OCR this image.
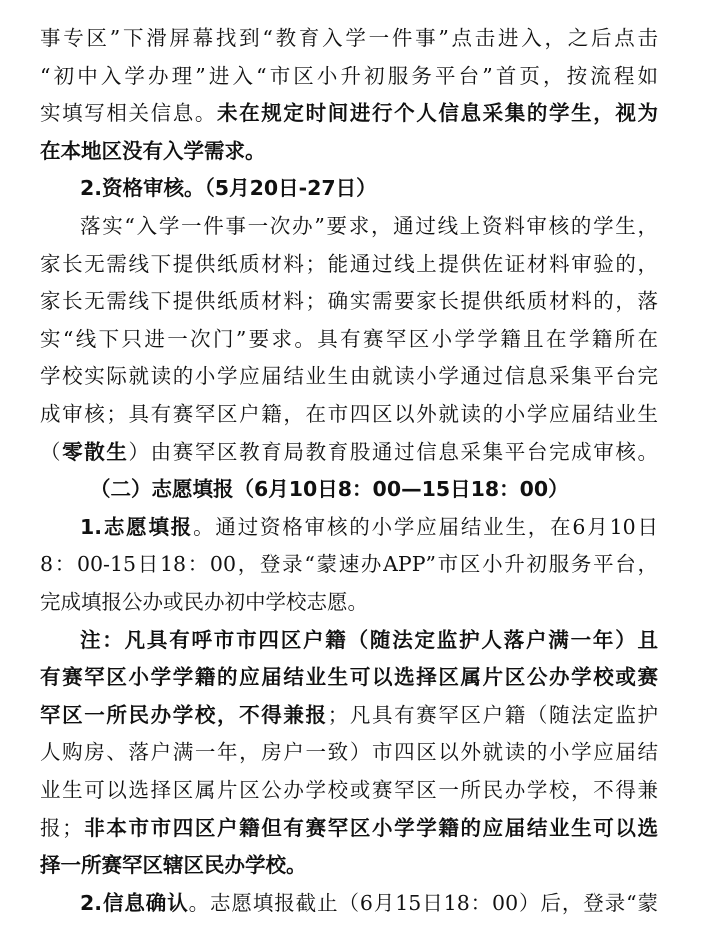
事专区”下滑屏幕找到“教育入学一件事”点击进入，之后点击
“初中入学办理”进入“市区小升初服务平台”首页，按流程如
实填写相关信息。未在规定时间进行个人信息采集的学生，视为
在本地区没有入学需求。
2.资格审核。（5月20日-27日）
落实“入学一件事一次办”要求，通过线上资料审核的学生，
家长无需线下提供纸质材料；能通过线上提供佐证材料审验的，
家长无需线下提供纸质材料；确实需要家长提供纸质材料的，落
实“线下只进一次门”要求。具有赛罕区小学学籍且在学籍所在
学校实际就读的小学应届结业生由就读小学通过信息采集平台完
成审核；具有赛罕区户籍，在市四区以外就读的小学应届结业生
（零散生）由赛罕区教育局教育股通过信息采集平台完成审核。
（二）志愿填报（6月10日8：00—15日18：00）
1.志愿填报。通过资格审核的小学应届结业生，在6月10日
8：00-15日18：00，登录“蒙速办APP”市区小升初服务平台，
完成填报公办或民办初中学校志愿。
注：凡具有呼市市四区户籍（随法定监护人落户满一年）且
有赛罕区小学学籍的应届结业生可以选择区属片区公办学校或赛
罕区一所民办学校，不得兼报；凡具有赛罕区户籍（随法定监护
人购房、落户满一年，房户一致）市四区以外就读的小学应届结
业生可以选择区属片区公办学校或赛罕区一所民办学校，不得兼
报；非本市市四区户籍但有赛罕区小学学籍的应届结业生可以选
择一所赛罕区辖区民办学校。
2.信息确认。志愿填报截止（6月15日18：00）后，登录“蒙
